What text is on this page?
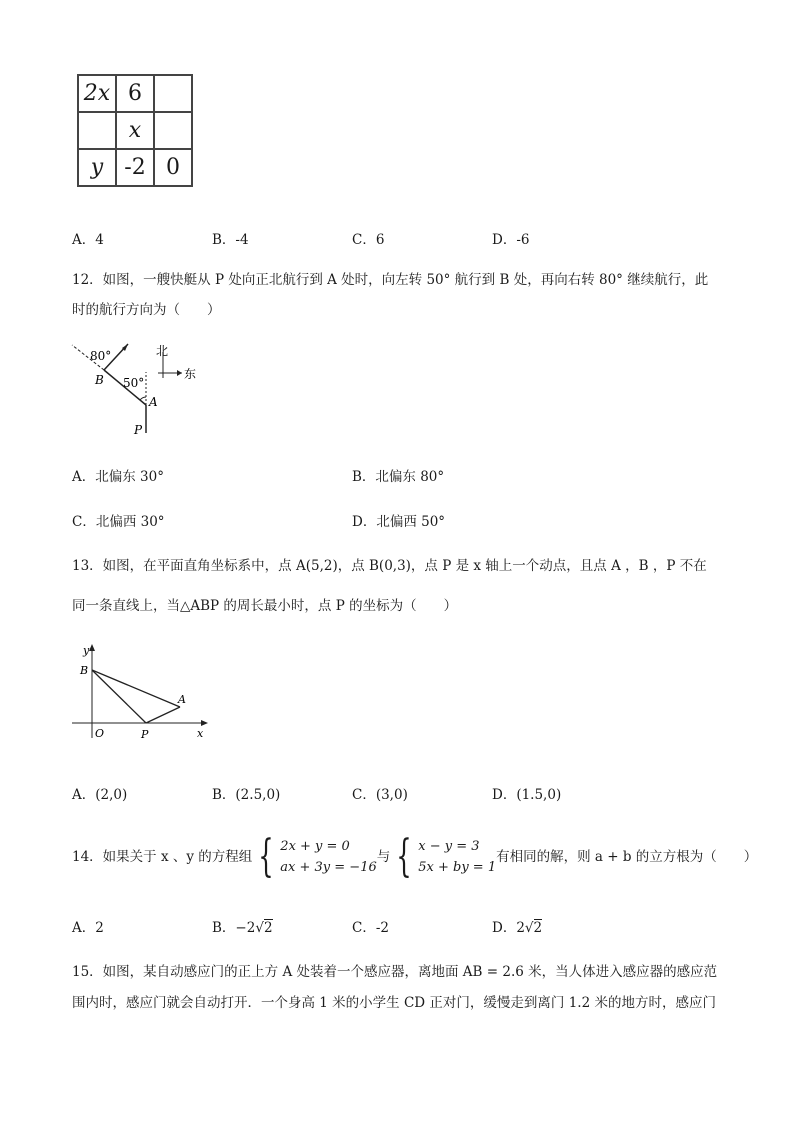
2x	6	
	x	
y	-2	0
A．4	B．-4	C．6	D．-6
12．如图，一艘快艇从 P 处向正北航行到 A 处时，向左转 50° 航行到 B 处，再向右转 80° 继续航行，此
时的航行方向为（　　）
80°
50°
B
A
P
北
东
A．北偏东 30°	B．北偏东 80°
C．北偏西 30°	D．北偏西 50°
13．如图，在平面直角坐标系中，点 A(5,2)，点 B(0,3)，点 P 是 x 轴上一个动点，且点 A ，B ，P 不在
同一条直线上，当△ABP 的周长最小时，点 P 的坐标为（　　）
y
x
O
B
A
P
A．(2,0)	B．(2.5,0)	C．(3,0)	D．(1.5,0)
14．如果关于 x 、y 的方程组 { 2x + y = 0
ax + 3y = −16
与 { x − y = 3
5x + by = 1
有相同的解，则 a + b 的立方根为（　　）
A．2	B．−2√2	C．-2	D．2√2
15．如图，某自动感应门的正上方 A 处装着一个感应器，离地面 AB = 2.6 米，当人体进入感应器的感应范
围内时，感应门就会自动打开．一个身高 1 米的小学生 CD 正对门，缓慢走到离门 1.2 米的地方时，感应门
